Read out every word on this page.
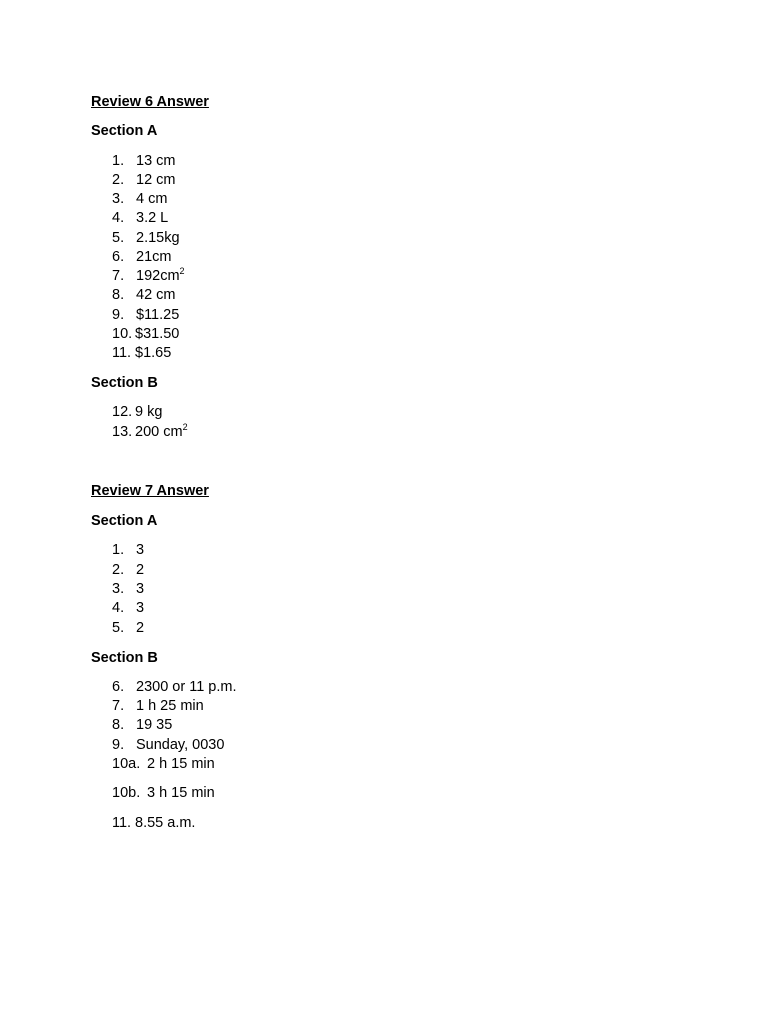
Review 6 Answer
Section A
1. 13 cm
2. 12 cm
3. 4 cm
4. 3.2 L
5. 2.15kg
6. 21cm
7. $192cm^2$
8. 42 cm
9. $11.25
10. $31.50
11. $1.65
Section B
12. 9 kg
13. 200 $cm^2$
Review 7 Answer
Section A
1. 3
2. 2
3. 3
4. 3
5. 2
Section B
6. 2300 or 11 p.m.
7. 1 h 25 min
8. 19 35
9. Sunday, 0030
10a. 2 h 15 min
10b. 3 h 15 min
11. 8.55 a.m.
